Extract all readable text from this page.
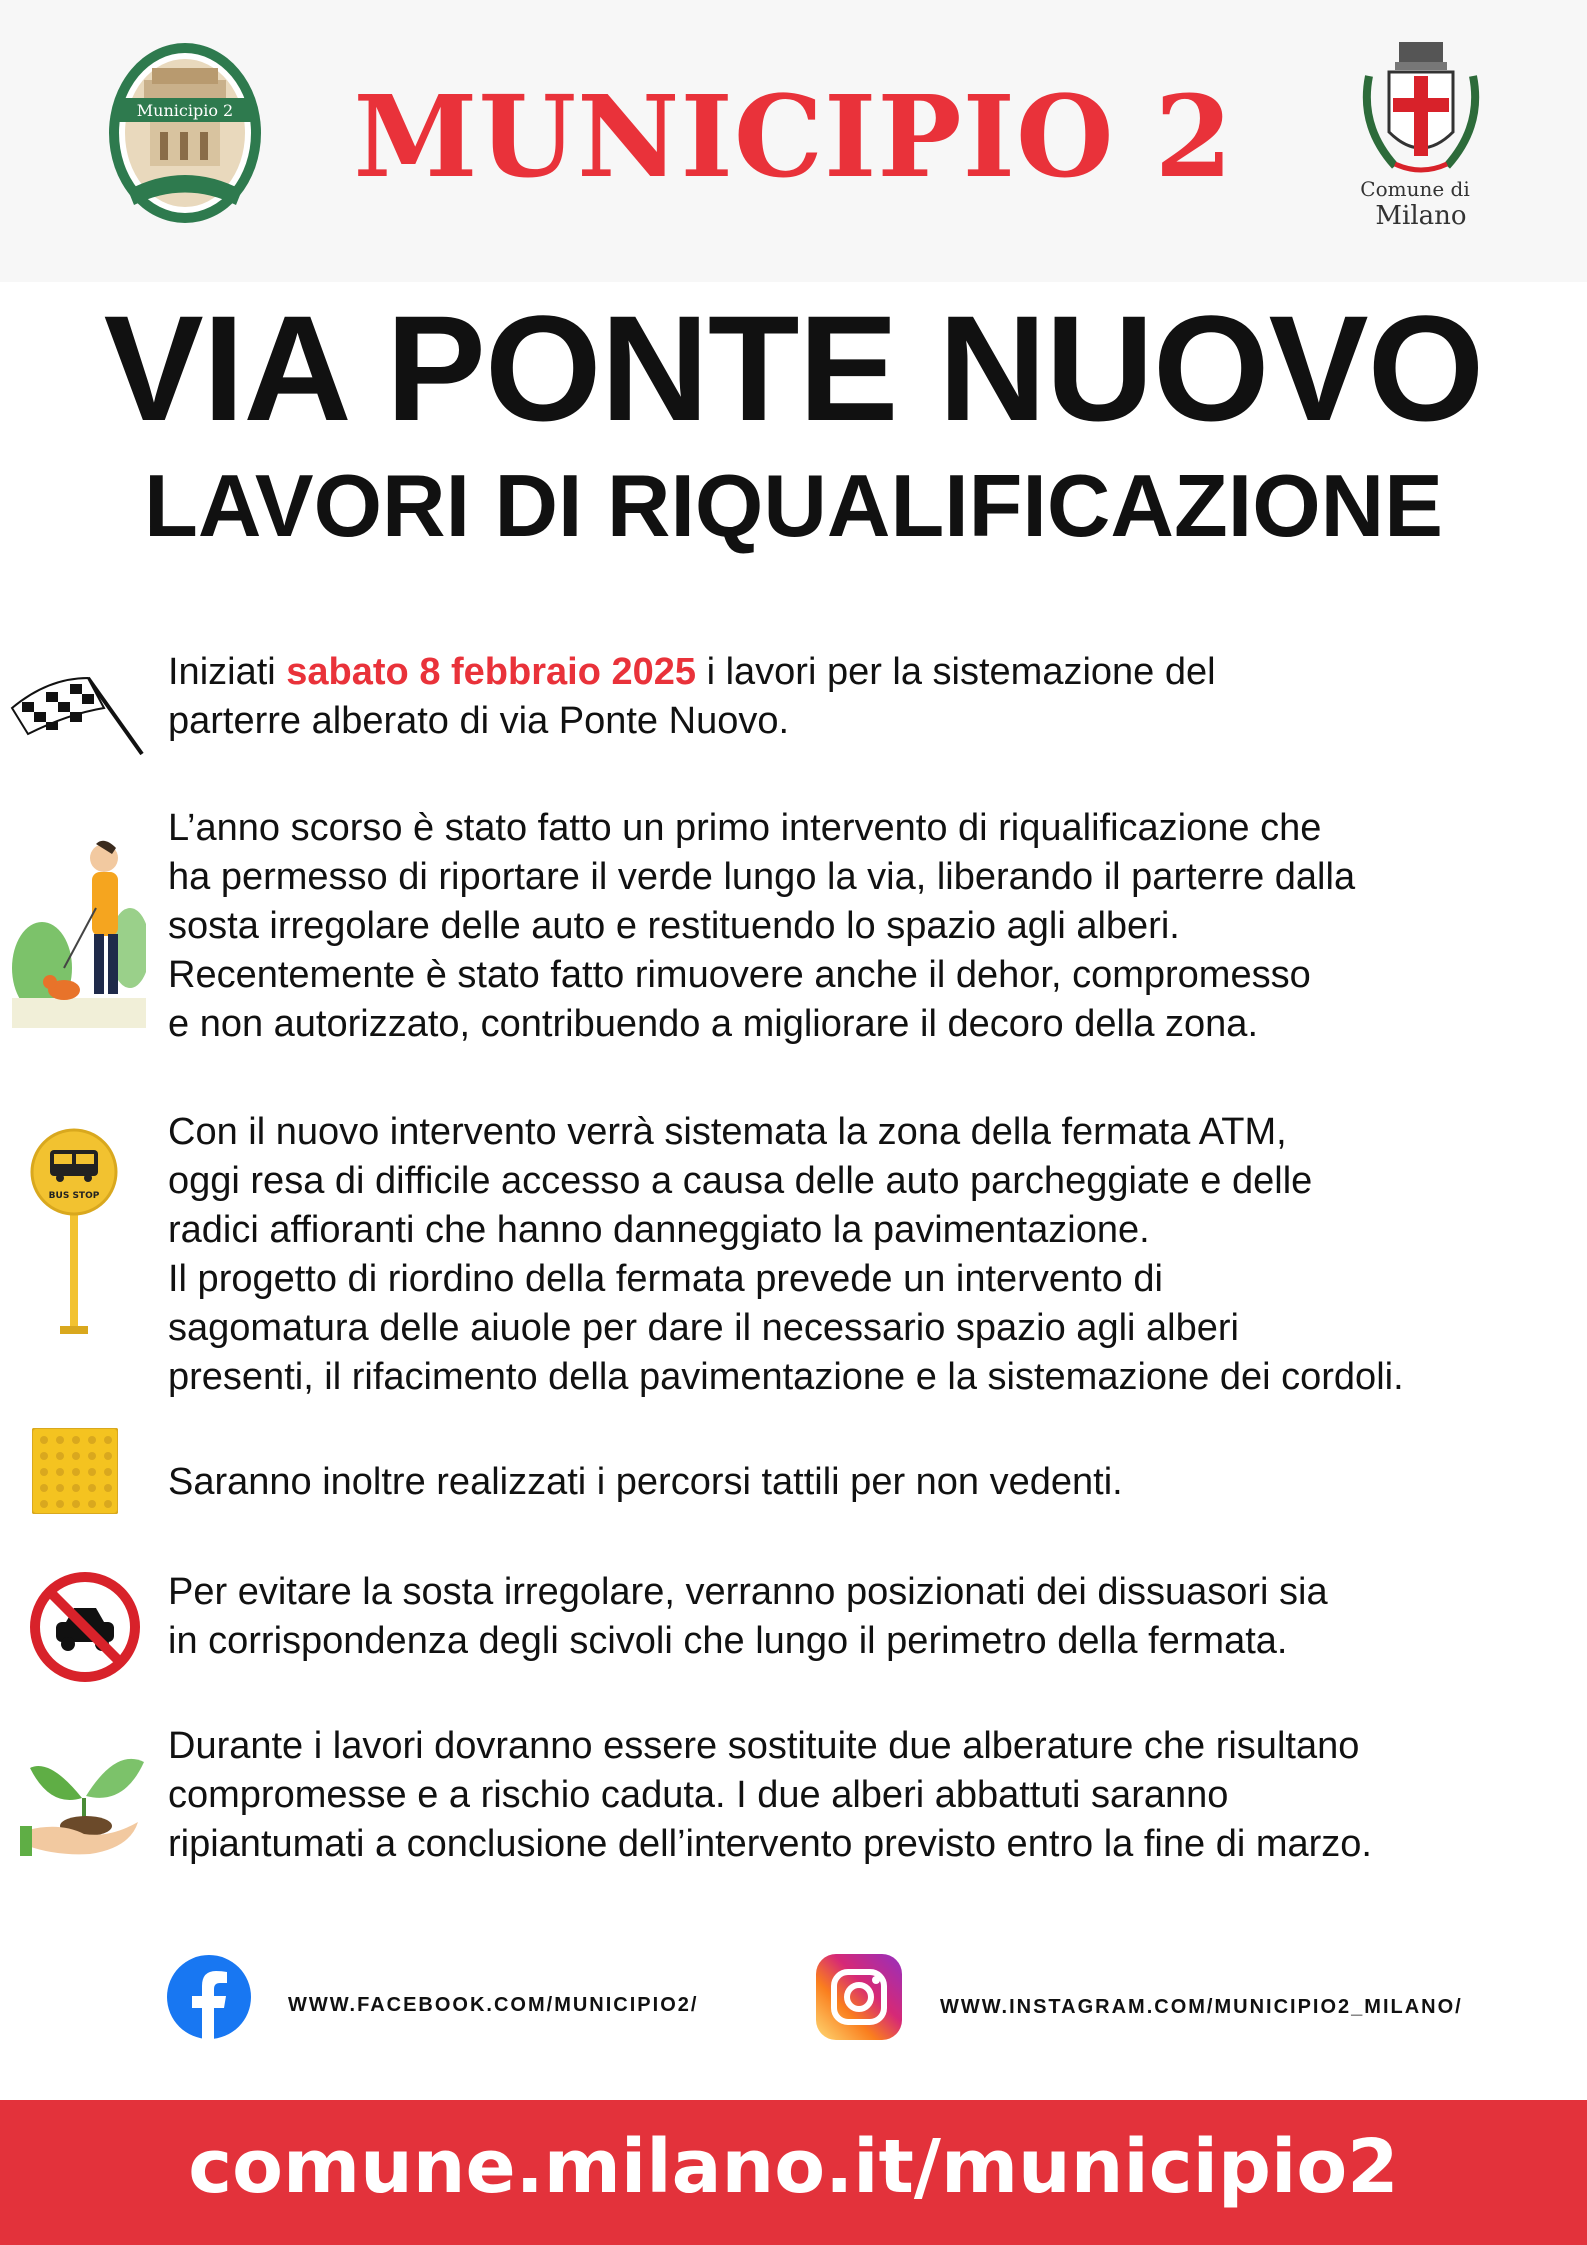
Municipio 2	MUNICIPIO 2	Comune di
Milano
VIA PONTE NUOVO
LAVORI DI RIQUALIFICAZIONE
Iniziati sabato 8 febbraio 2025 i lavori per la sistemazione del
parterre alberato di via Ponte Nuovo.
L’anno scorso è stato fatto un primo intervento di riqualificazione che
ha permesso di riportare il verde lungo la via, liberando il parterre dalla
sosta irregolare delle auto e restituendo lo spazio agli alberi.
Recentemente è stato fatto rimuovere anche il dehor, compromesso
e non autorizzato, contribuendo a migliorare il decoro della zona.
BUS STOP
Con il nuovo intervento verrà sistemata la zona della fermata ATM,
oggi resa di difficile accesso a causa delle auto parcheggiate e delle
radici affioranti che hanno danneggiato la pavimentazione.
Il progetto di riordino della fermata prevede un intervento di
sagomatura delle aiuole per dare il necessario spazio agli alberi
presenti, il rifacimento della pavimentazione e la sistemazione dei cordoli.
Saranno inoltre realizzati i percorsi tattili per non vedenti.
Per evitare la sosta irregolare, verranno posizionati dei dissuasori sia
in corrispondenza degli scivoli che lungo il perimetro della fermata.
Durante i lavori dovranno essere sostituite due alberature che risultano
compromesse e a rischio caduta. I due alberi abbattuti saranno
ripiantumati a conclusione dell’intervento previsto entro la fine di marzo.
WWW.FACEBOOK.COM/MUNICIPIO2/	WWW.INSTAGRAM.COM/MUNICIPIO2_MILANO/
comune.milano.it/municipio2
